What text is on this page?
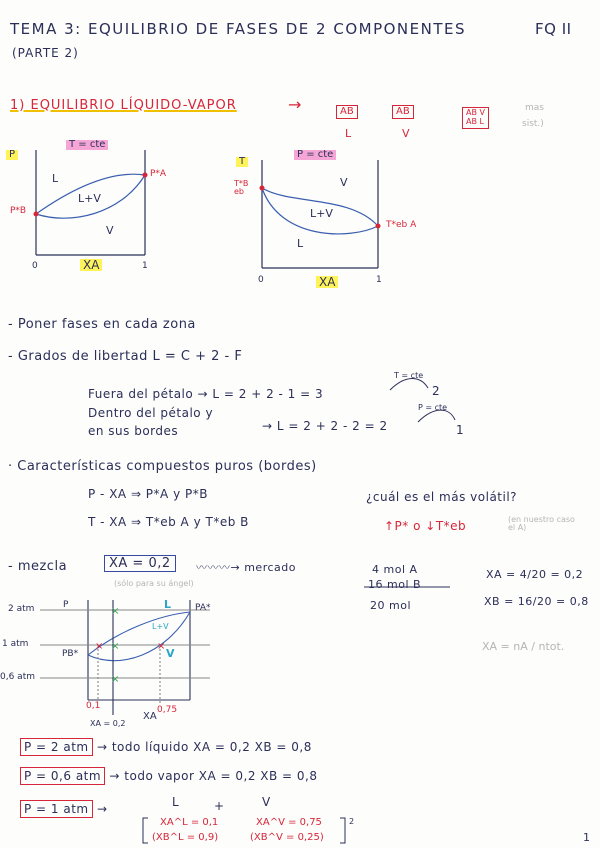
TEMA 3: EQUILIBRIO DE FASES DE 2 COMPONENTES	FQ II
(PARTE 2)
1) EQUILIBRIO LÍQUIDO-VAPOR	→	AB
L
AB
V
AB V
AB L
mas
sist.)
×
×
×
×	×
P
T = cte
L
L+V
V
P*A
P*B
0	1
XA
T
P = cte
V
L+V
L
T*B eb
T*eb A
0	1
XA
- Poner fases en cada zona
- Grados de libertad L = C + 2 - F
Fuera del pétalo → L = 2 + 2 - 1 = 3
T = cte
2
Dentro del pétalo y
en sus bordes	→ L = 2 + 2 - 2 = 2
P = cte
1
· Características compuestos puros (bordes)
P - XA ⇒ P*A y P*B	¿cuál es el más volátil?
T - XA ⇒ T*eb A y T*eb B	↑P* o ↓T*eb	(en nuestro caso el A)
- mezcla	XA = 0,2	〰〰〰→ mercado
(sólo para su ángel)
4 mol A
16 mol B
20 mol
XA = 4/20 = 0,2
XB = 16/20 = 0,8
XA = nA / ntot.
2 atm
1 atm
0,6 atm
P	PA*
PB*
L
L+V
V
0,1	0,75
XA
XA = 0,2
P = 2 atm → todo líquido XA = 0,2 XB = 0,8
P = 0,6 atm → todo vapor XA = 0,2 XB = 0,8
P = 1 atm →	L	+	V
XA^L = 0,1
(XB^L = 0,9)
XA^V = 0,75
(XB^V = 0,25)
2
1
